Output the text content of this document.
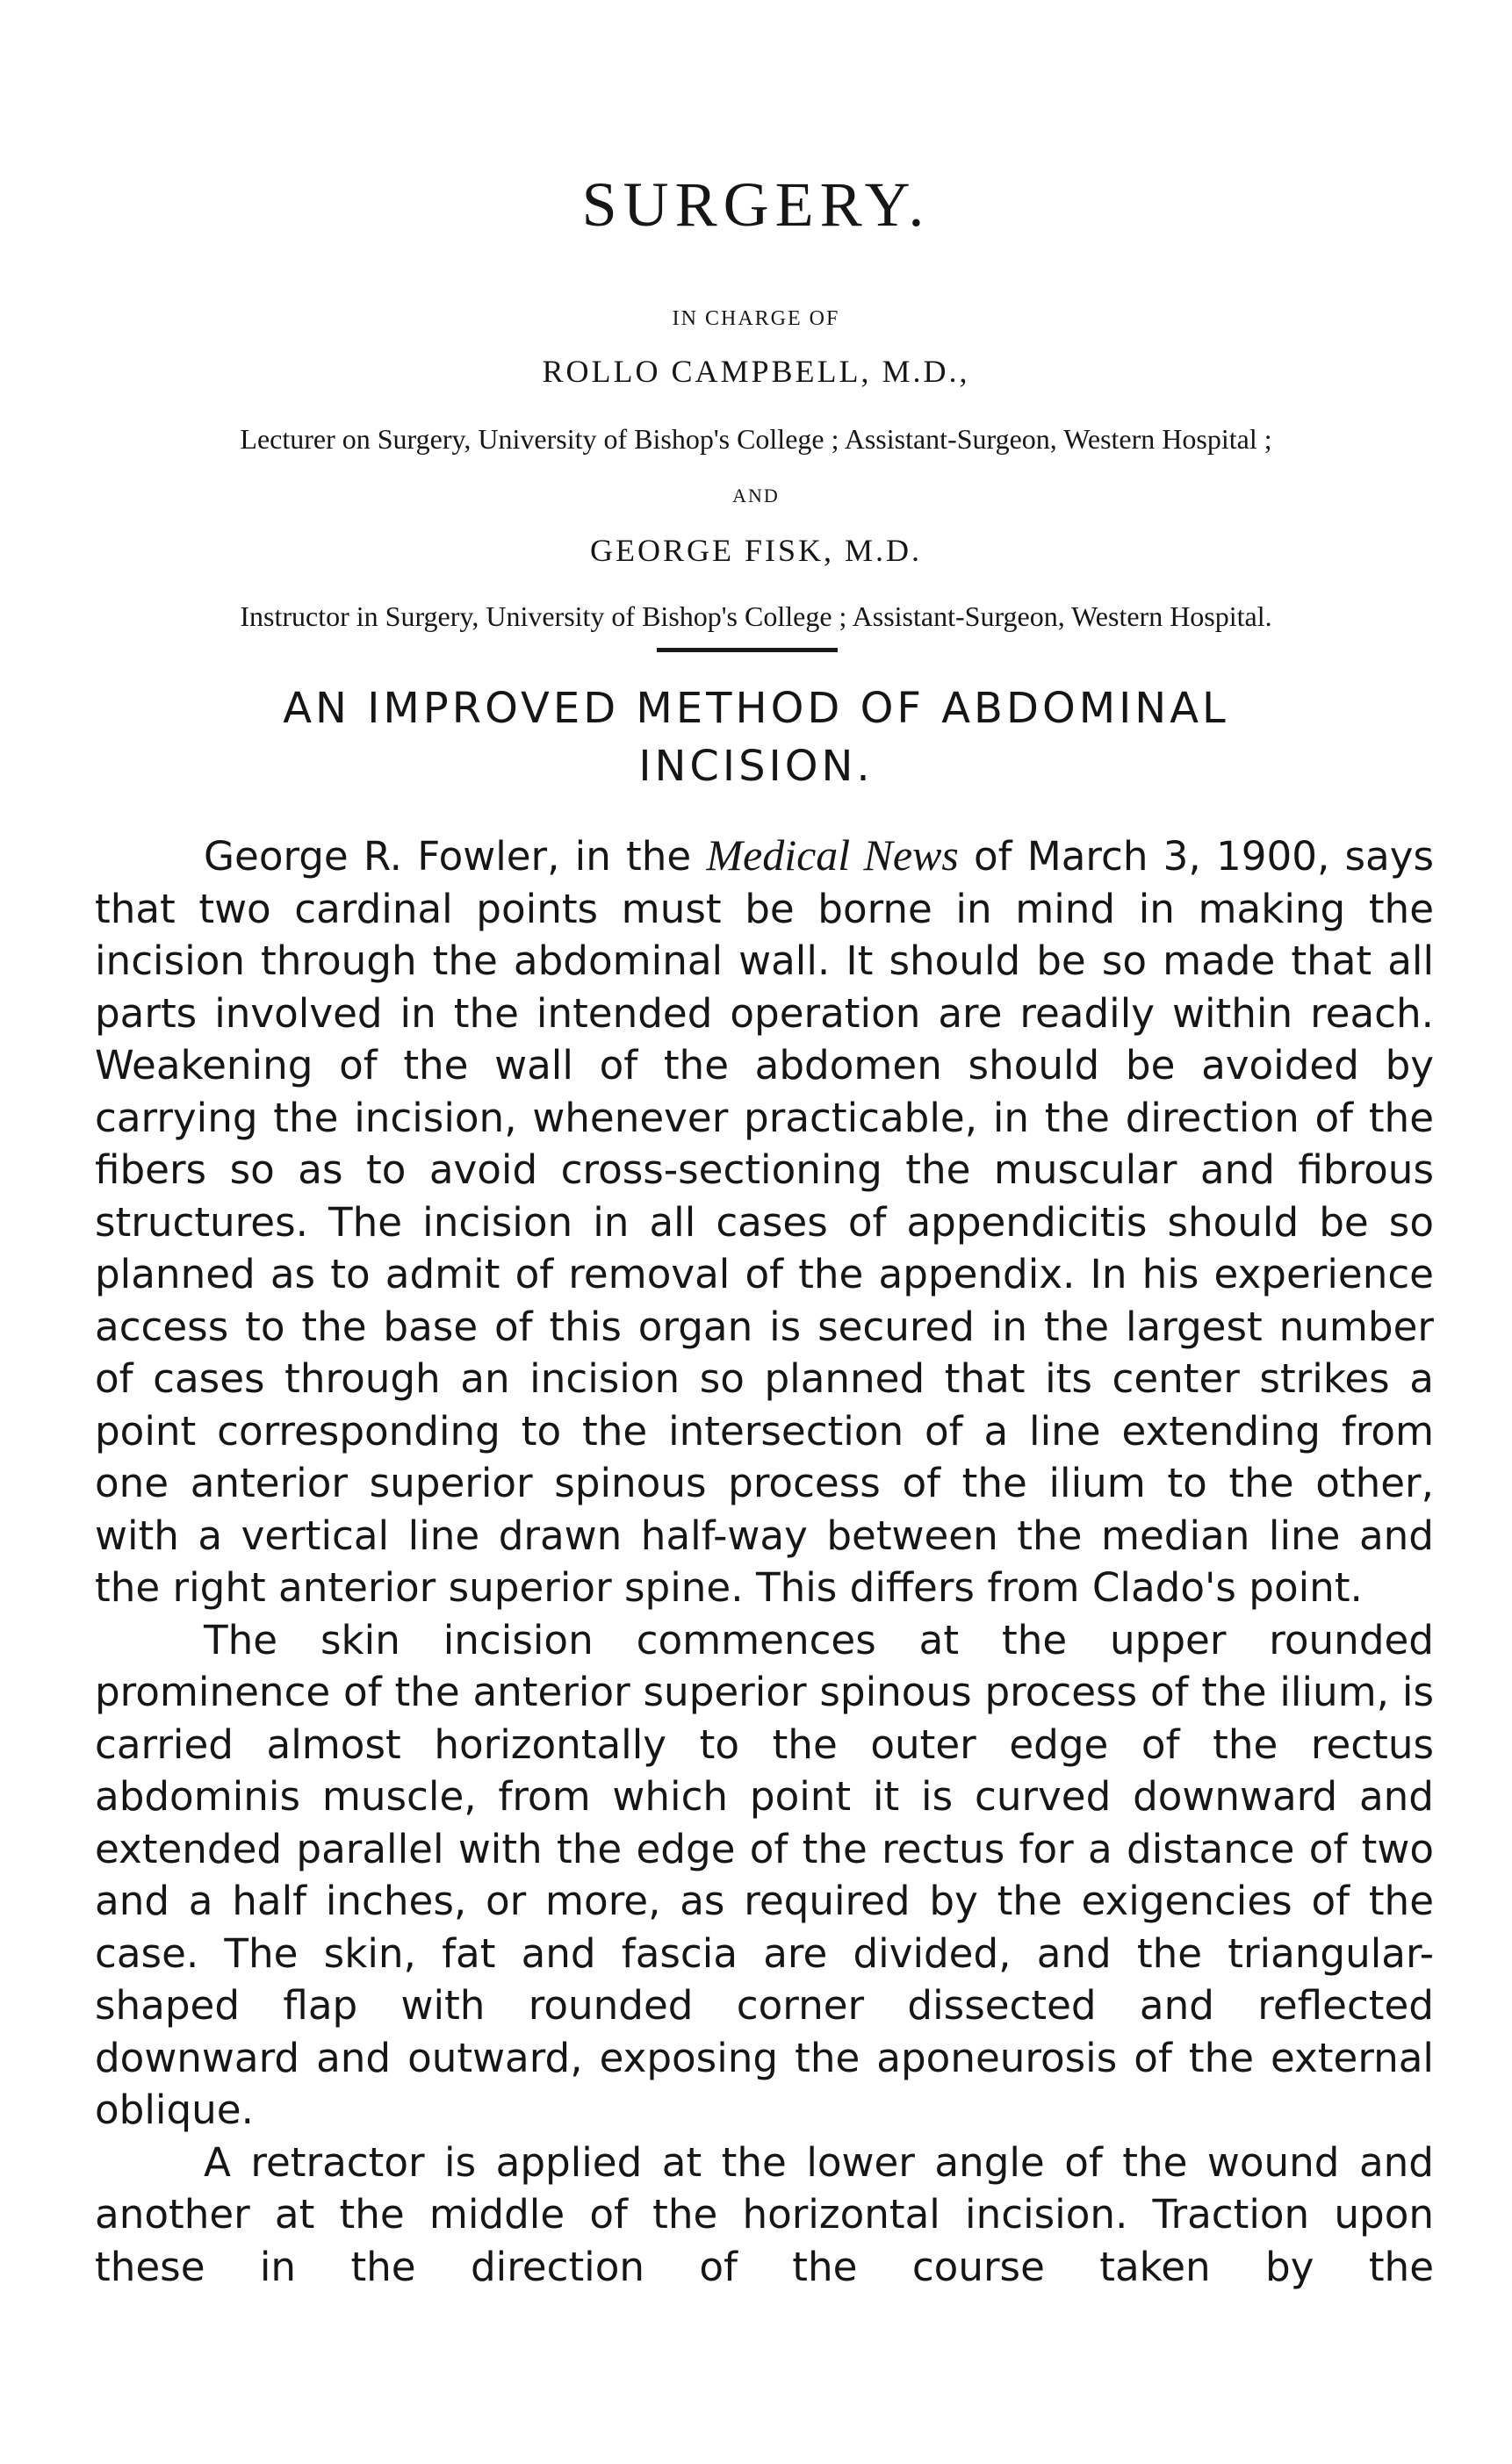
SURGERY.
IN CHARGE OF
ROLLO CAMPBELL, M.D.,
Lecturer on Surgery, University of Bishop's College ; Assistant-Surgeon, Western Hospital ;
AND
GEORGE FISK, M.D.
Instructor in Surgery, University of Bishop's College ; Assistant-Surgeon, Western Hospital.
AN IMPROVED METHOD OF ABDOMINAL
INCISION.

George R. Fowler, in the Medical News of March 3, 1900, says that two cardinal points must be borne in mind in making the incision through the abdominal wall. It should be so made that all parts involved in the intended operation are readily within reach. Weakening of the wall of the abdomen should be avoided by carrying the incision, whenever practicable, in the direction of the fibers so as to avoid cross-sectioning the muscular and fibrous structures. The incision in all cases of appendicitis should be so planned as to admit of removal of the appendix. In his experience access to the base of this organ is secured in the largest number of cases through an incision so planned that its center strikes a point corresponding to the intersection of a line extending from one anterior superior spinous process of the ilium to the other, with a vertical line drawn half-way between the median line and the right anterior superior spine. This differs from Clado's point.

The skin incision commences at the upper rounded prominence of the anterior superior spinous process of the ilium, is carried almost horizontally to the outer edge of the rectus abdominis muscle, from which point it is curved downward and extended parallel with the edge of the rectus for a distance of two and a half inches, or more, as required by the exigencies of the case. The skin, fat and fascia are divided, and the triangular-shaped flap with rounded corner dissected and reflected downward and outward, exposing the aponeurosis of the external oblique.

A retractor is applied at the lower angle of the wound and another at the middle of the horizontal incision. Traction upon these in the direction of the course taken by the
